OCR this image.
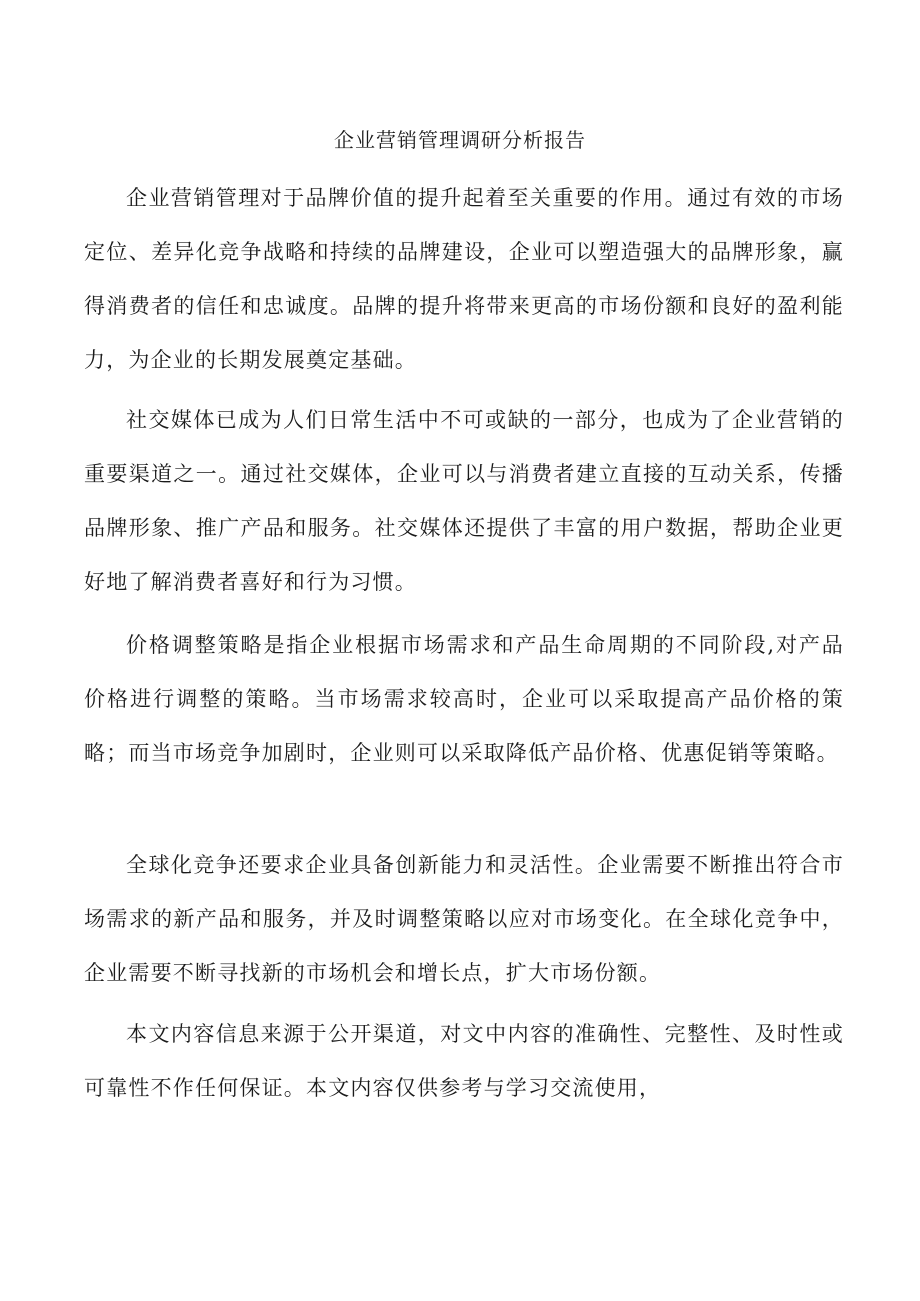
企业营销管理调研分析报告

企业营销管理对于品牌价值的提升起着至关重要的作用。通过有效的市场定位、差异化竞争战略和持续的品牌建设，企业可以塑造强大的品牌形象，赢得消费者的信任和忠诚度。品牌的提升将带来更高的市场份额和良好的盈利能力，为企业的长期发展奠定基础。

社交媒体已成为人们日常生活中不可或缺的一部分，也成为了企业营销的重要渠道之一。通过社交媒体，企业可以与消费者建立直接的互动关系，传播品牌形象、推广产品和服务。社交媒体还提供了丰富的用户数据，帮助企业更好地了解消费者喜好和行为习惯。

价格调整策略是指企业根据市场需求和产品生命周期的不同阶段,对产品价格进行调整的策略。当市场需求较高时，企业可以采取提高产品价格的策略；而当市场竞争加剧时，企业则可以采取降低产品价格、优惠促销等策略。

全球化竞争还要求企业具备创新能力和灵活性。企业需要不断推出符合市场需求的新产品和服务，并及时调整策略以应对市场变化。在全球化竞争中，企业需要不断寻找新的市场机会和增长点，扩大市场份额。

本文内容信息来源于公开渠道，对文中内容的准确性、完整性、及时性或可靠性不作任何保证。本文内容仅供参考与学习交流使用，
